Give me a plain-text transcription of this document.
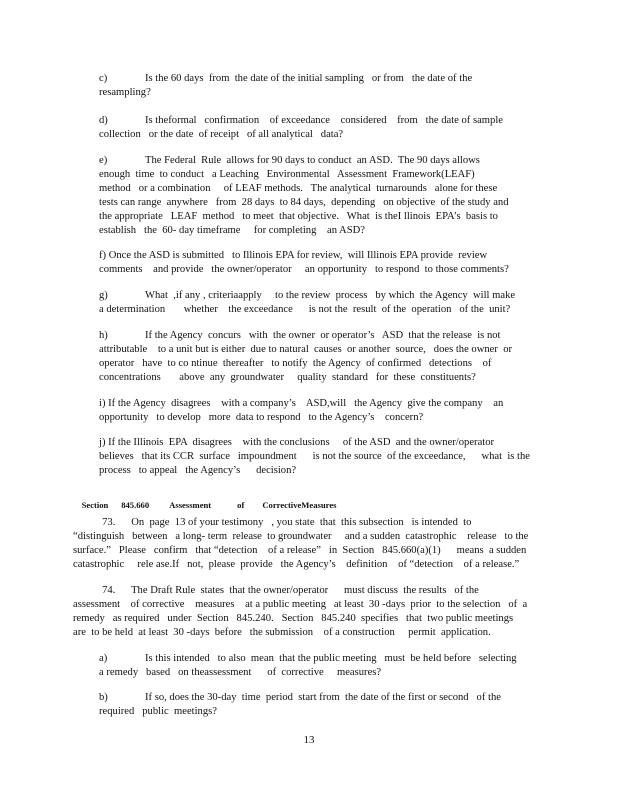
c)	Is the 60 days  from  the date of the initial sampling   or from   the date of the
resampling?
d)	Is theformal   confirmation    of exceedance    considered    from   the date of sample
collection   or the date  of receipt   of all analytical   data?
e)	The Federal  Rule  allows for 90 days to conduct  an ASD.  The 90 days allows
enough  time  to conduct   a Leaching   Environmental   Assessment  Framework(LEAF)
method   or a combination     of LEAF methods.   The analytical  turnarounds   alone for these
tests can range  anywhere   from  28 days  to 84 days,  depending   on objective  of the study and
the appropriate   LEAF  method   to meet  that objective.   What  is theI llinois  EPA’s  basis to
establish   the  60- day timeframe     for completing    an ASD?
f) Once the ASD is submitted   to Illinois EPA for review,  will Illinois EPA provide  review
comments    and provide   the owner/operator     an opportunity   to respond  to those comments?
g)	What  ,if any , criteriaapply     to the review  process   by which  the Agency  will make
a determination       whether    the exceedance      is not the  result  of the  operation   of the  unit?
h)	If the Agency  concurs   with  the owner  or operator’s   ASD  that the release  is not
attributable    to a unit but is either  due to natural  causes  or another  source,   does the owner  or
operator   have  to co ntinue  thereafter   to notify  the Agency  of confirmed   detections    of
concentrations       above  any  groundwater     quality  standard   for  these  constituents?
i) If the Agency  disagrees    with a company’s    ASD,will   the Agency  give the company    an
opportunity   to develop   more  data to respond   to the Agency’s    concern?
j) If the Illinois  EPA  disagrees    with the conclusions     of the ASD  and the owner/operator
believes   that its CCR  surface   impoundment      is not the source  of the exceedance,      what  is the
process   to appeal   the Agency’s      decision?

Section      845.660 Assessment	of CorrectiveMeasures

73.      On  page  13 of your testimony   , you state  that  this subsection   is intended  to
“distinguish   between   a long- term  release  to groundwater     and a sudden  catastrophic    release   to the
surface.”   Please   confirm   that “detection    of a release”   in  Section   845.660(a)(1)      means  a sudden
catastrophic     rele ase.If   not,  please  provide   the Agency’s    definition    of “detection    of a release.”
74.      The Draft Rule  states  that the owner/operator      must discuss  the results   of the
assessment    of corrective    measures    at a public meeting   at least  30 -days  prior  to the selection   of  a
remedy   as required   under  Section   845.240.   Section   845.240  specifies   that  two public meetings
are  to be held  at least  30 -days  before   the submission    of a construction     permit  application.
a)	Is this intended   to also  mean  that the public meeting   must  be held before   selecting
a remedy   based   on theassessment      of  corrective     measures?
b)	If so, does the 30-day  time  period  start from  the date of the first or second   of the
required   public  meetings?
13
